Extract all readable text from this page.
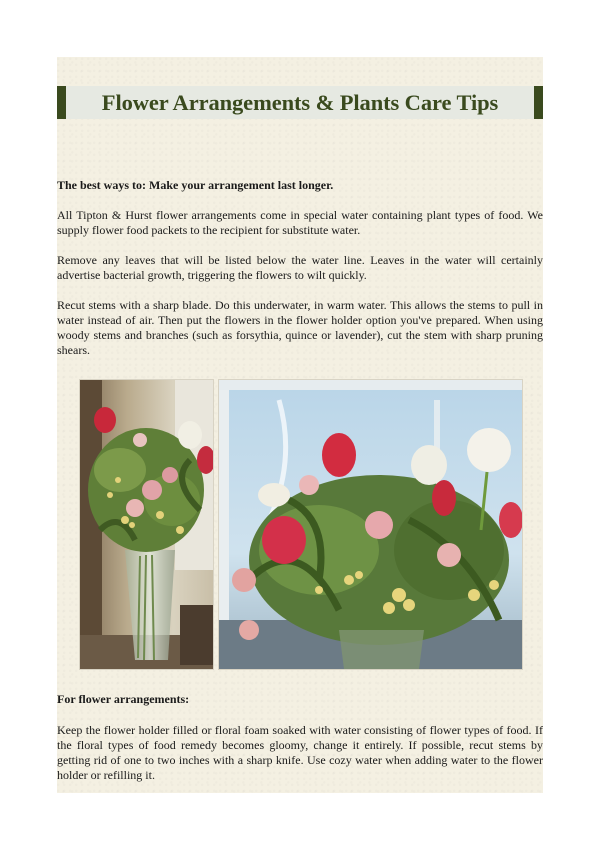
Flower Arrangements & Plants Care Tips
The best ways to: Make your arrangement last longer.

All Tipton & Hurst flower arrangements come in special water containing plant types of food. We supply flower food packets to the recipient for substitute water.

Remove any leaves that will be listed below the water line. Leaves in the water will certainly advertise bacterial growth, triggering the flowers to wilt quickly.

Recut stems with a sharp blade. Do this underwater, in warm water. This allows the stems to pull in water instead of air. Then put the flowers in the flower holder option you've prepared. When using woody stems and branches (such as forsythia, quince or lavender), cut the stem with sharp pruning shears.

For flower arrangements:

Keep the flower holder filled or floral foam soaked with water consisting of flower types of food. If the floral types of food remedy becomes gloomy, change it entirely. If possible, recut stems by getting rid of one to two inches with a sharp knife. Use cozy water when adding water to the flower holder or refilling it.
